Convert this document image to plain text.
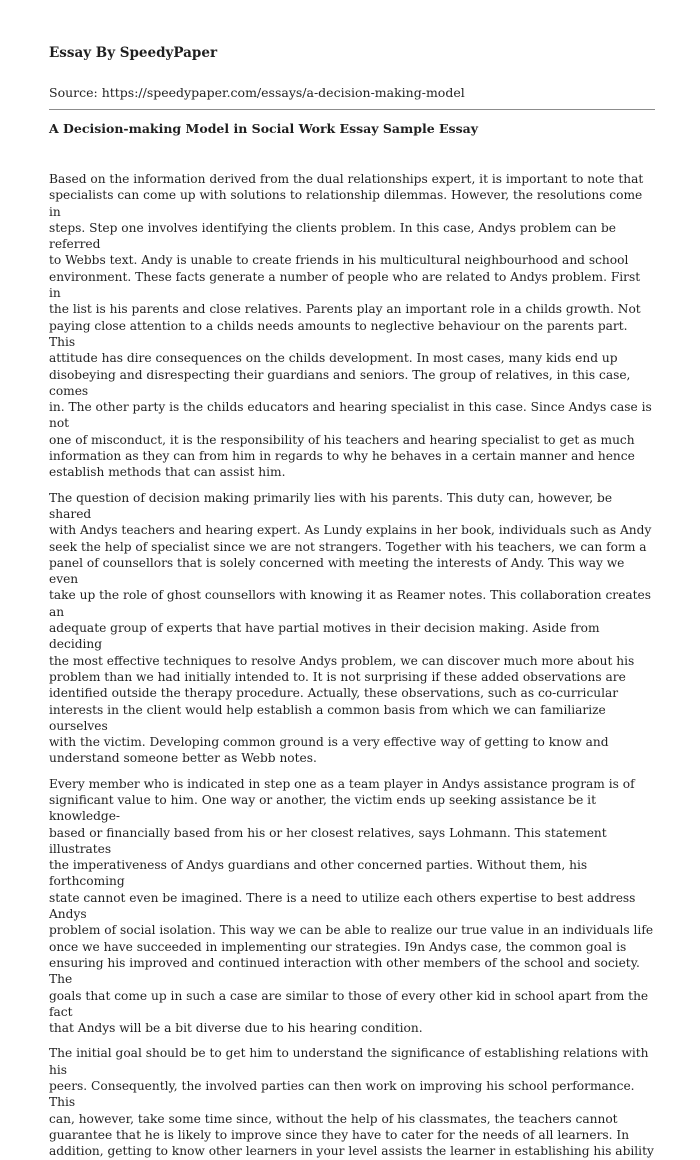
Essay By SpeedyPaper

Source: https://speedypaper.com/essays/a-decision-making-model

A Decision-making Model in Social Work Essay Sample Essay

Based on the information derived from the dual relationships expert, it is important to note that
specialists can come up with solutions to relationship dilemmas. However, the resolutions come in
steps. Step one involves identifying the clients problem. In this case, Andys problem can be referred
to Webbs text. Andy is unable to create friends in his multicultural neighbourhood and school
environment. These facts generate a number of people who are related to Andys problem. First in
the list is his parents and close relatives. Parents play an important role in a childs growth. Not
paying close attention to a childs needs amounts to neglective behaviour on the parents part. This
attitude has dire consequences on the childs development. In most cases, many kids end up
disobeying and disrespecting their guardians and seniors. The group of relatives, in this case, comes
in. The other party is the childs educators and hearing specialist in this case. Since Andys case is not
one of misconduct, it is the responsibility of his teachers and hearing specialist to get as much
information as they can from him in regards to why he behaves in a certain manner and hence
establish methods that can assist him.

The question of decision making primarily lies with his parents. This duty can, however, be shared
with Andys teachers and hearing expert. As Lundy explains in her book, individuals such as Andy
seek the help of specialist since we are not strangers. Together with his teachers, we can form a
panel of counsellors that is solely concerned with meeting the interests of Andy. This way we even
take up the role of ghost counsellors with knowing it as Reamer notes. This collaboration creates an
adequate group of experts that have partial motives in their decision making. Aside from deciding
the most effective techniques to resolve Andys problem, we can discover much more about his
problem than we had initially intended to. It is not surprising if these added observations are
identified outside the therapy procedure. Actually, these observations, such as co-curricular
interests in the client would help establish a common basis from which we can familiarize ourselves
with the victim. Developing common ground is a very effective way of getting to know and
understand someone better as Webb notes.

Every member who is indicated in step one as a team player in Andys assistance program is of
significant value to him. One way or another, the victim ends up seeking assistance be it knowledge-
based or financially based from his or her closest relatives, says Lohmann. This statement illustrates
the imperativeness of Andys guardians and other concerned parties. Without them, his forthcoming
state cannot even be imagined. There is a need to utilize each others expertise to best address Andys
problem of social isolation. This way we can be able to realize our true value in an individuals life
once we have succeeded in implementing our strategies. I9n Andys case, the common goal is
ensuring his improved and continued interaction with other members of the school and society. The
goals that come up in such a case are similar to those of every other kid in school apart from the fact
that Andys will be a bit diverse due to his hearing condition.

The initial goal should be to get him to understand the significance of establishing relations with his
peers. Consequently, the involved parties can then work on improving his school performance. This
can, however, take some time since, without the help of his classmates, the teachers cannot
guarantee that he is likely to improve since they have to cater for the needs of all learners. In
addition, getting to know other learners in your level assists the learner in establishing his ability
